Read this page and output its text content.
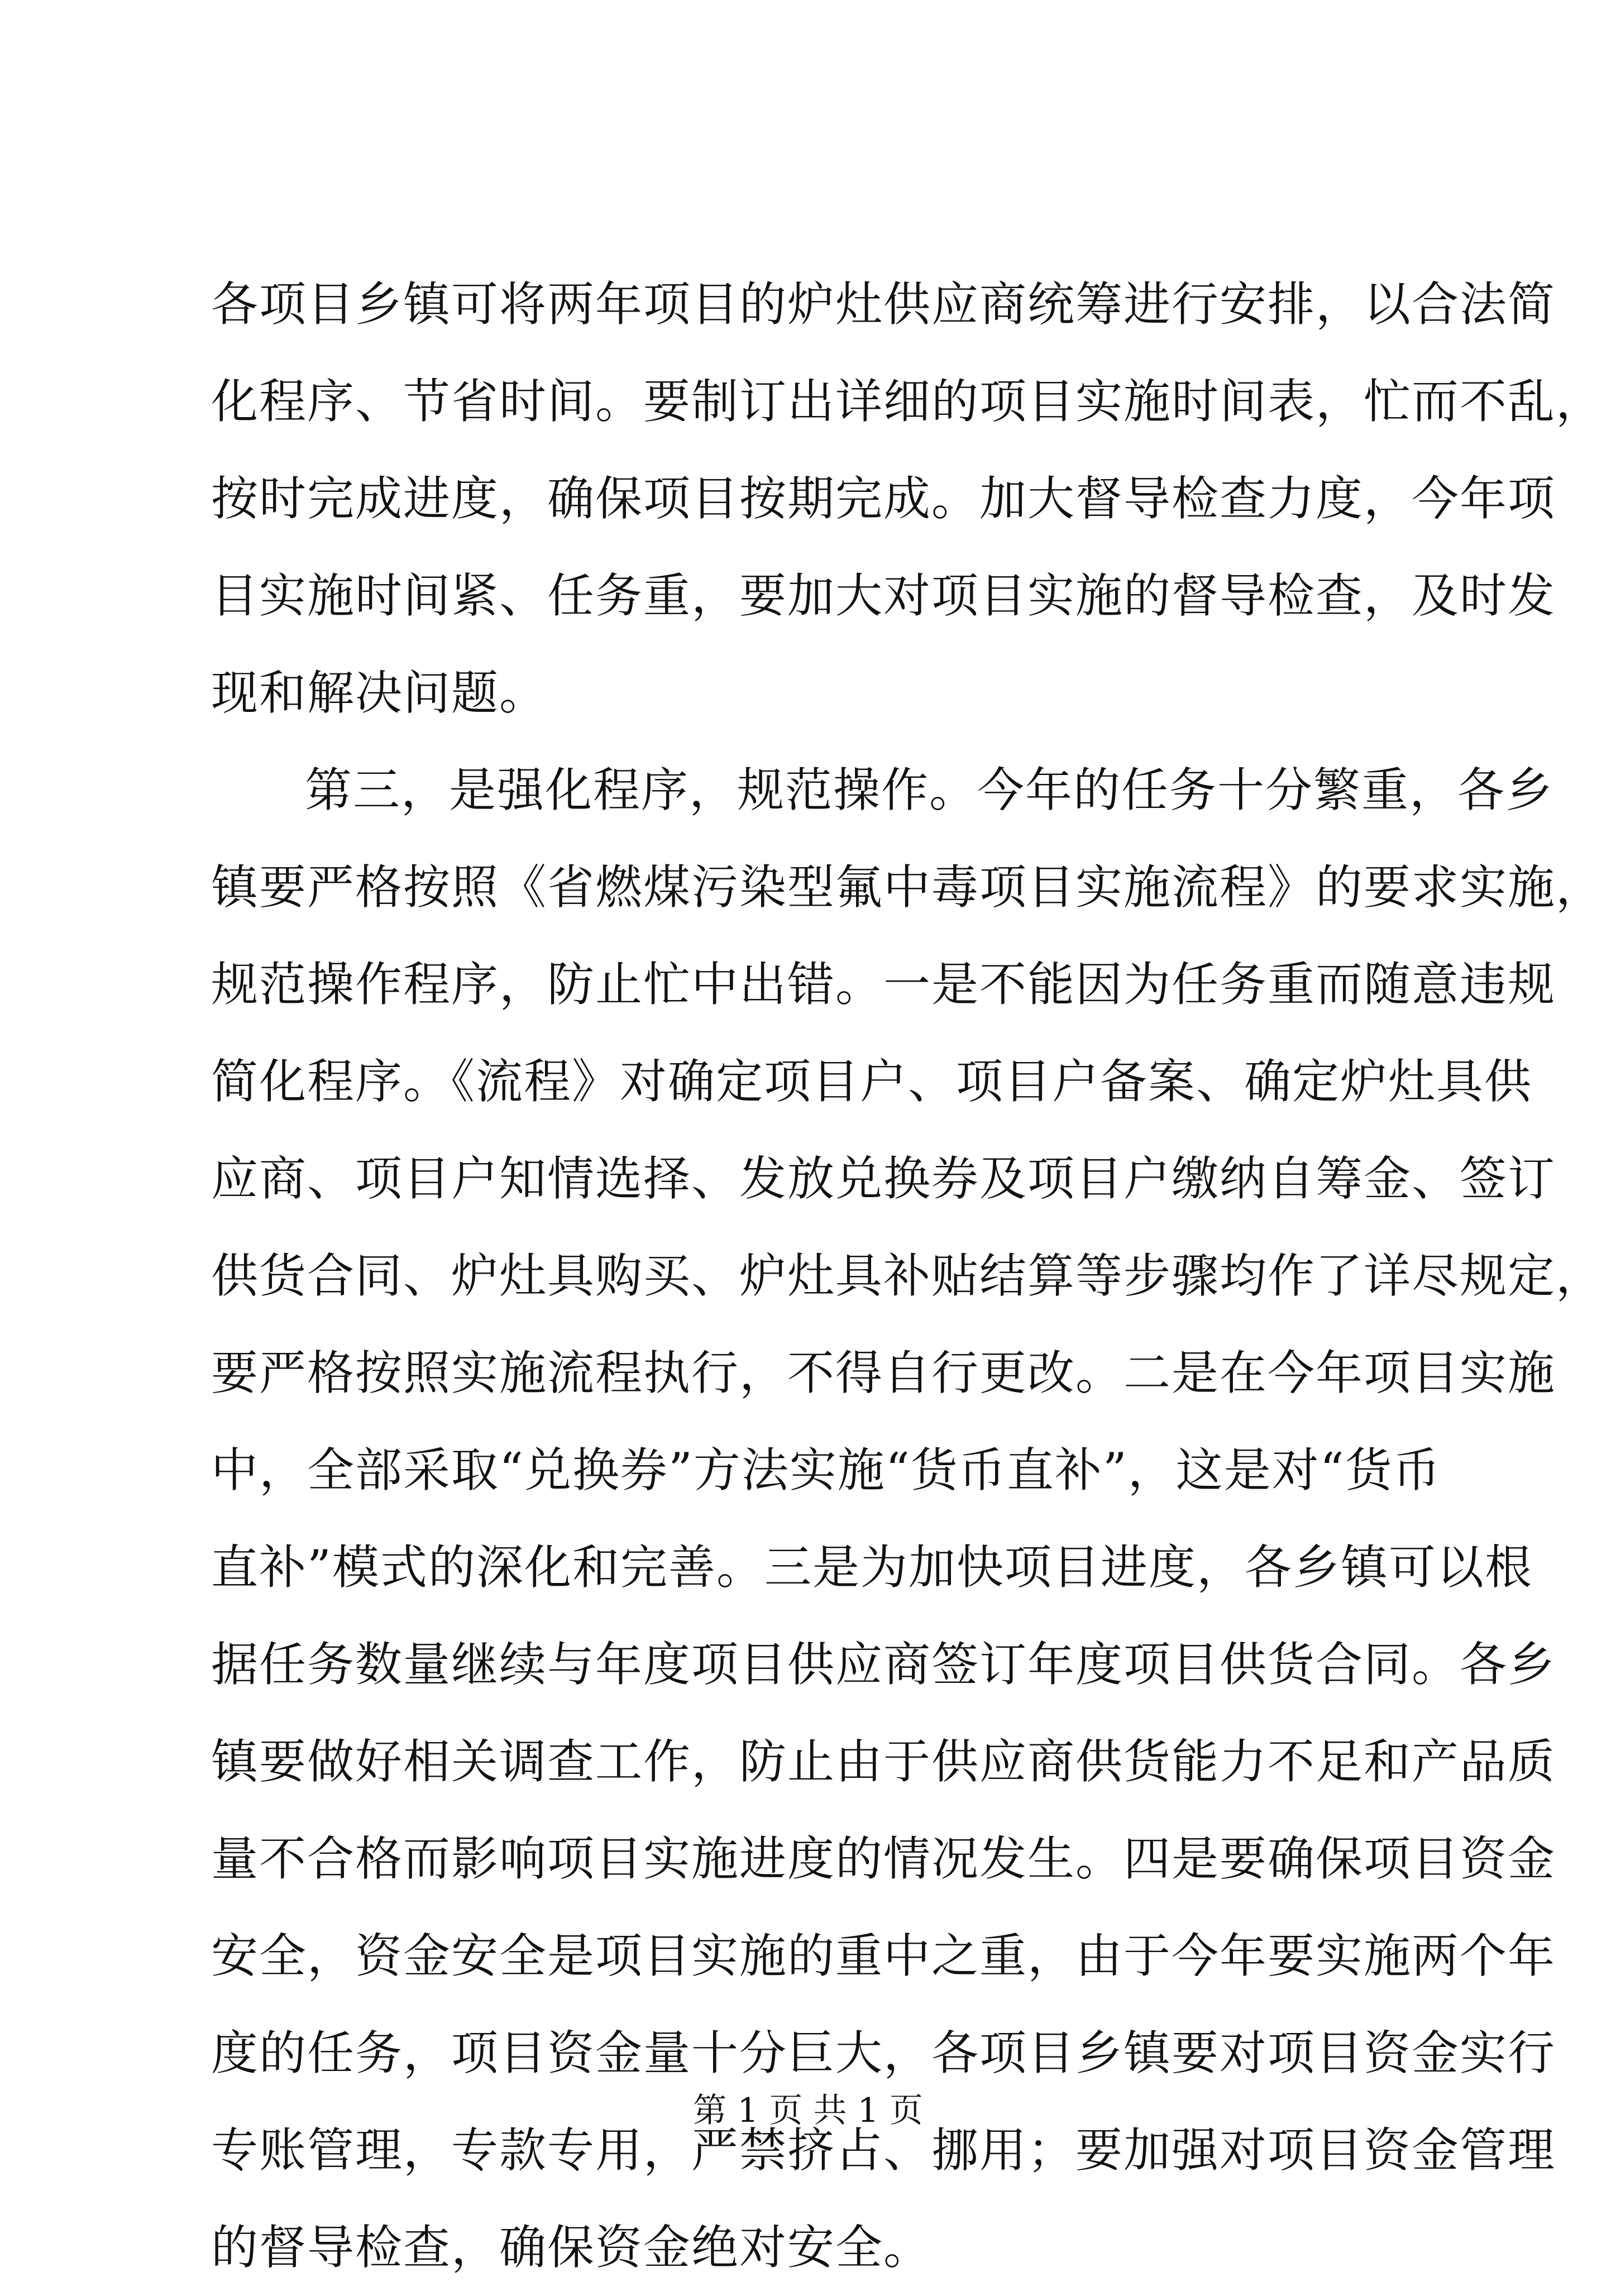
各项目乡镇可将两年项目的炉灶供应商统筹进行安排，以合法简
化程序、节省时间。要制订出详细的项目实施时间表，忙而不乱，
按时完成进度，确保项目按期完成。加大督导检查力度，今年项
目实施时间紧、任务重，要加大对项目实施的督导检查，及时发
现和解决问题。
第三，是强化程序，规范操作。今年的任务十分繁重，各乡
镇要严格按照《省燃煤污染型氟中毒项目实施流程》的要求实施，
规范操作程序，防止忙中出错。一是不能因为任务重而随意违规
简化程序。《流程》对确定项目户、项目户备案、确定炉灶具供
应商、项目户知情选择、发放兑换券及项目户缴纳自筹金、签订
供货合同、炉灶具购买、炉灶具补贴结算等步骤均作了详尽规定，
要严格按照实施流程执行，不得自行更改。二是在今年项目实施
中，全部采取“兑换券”方法实施“货币直补”，这是对“货币
直补”模式的深化和完善。三是为加快项目进度，各乡镇可以根
据任务数量继续与年度项目供应商签订年度项目供货合同。各乡
镇要做好相关调查工作，防止由于供应商供货能力不足和产品质
量不合格而影响项目实施进度的情况发生。四是要确保项目资金
安全，资金安全是项目实施的重中之重，由于今年要实施两个年
度的任务，项目资金量十分巨大，各项目乡镇要对项目资金实行
专账管理，专款专用，严禁挤占、挪用；要加强对项目资金管理
的督导检查，确保资金绝对安全。
第 1 页 共 1 页
